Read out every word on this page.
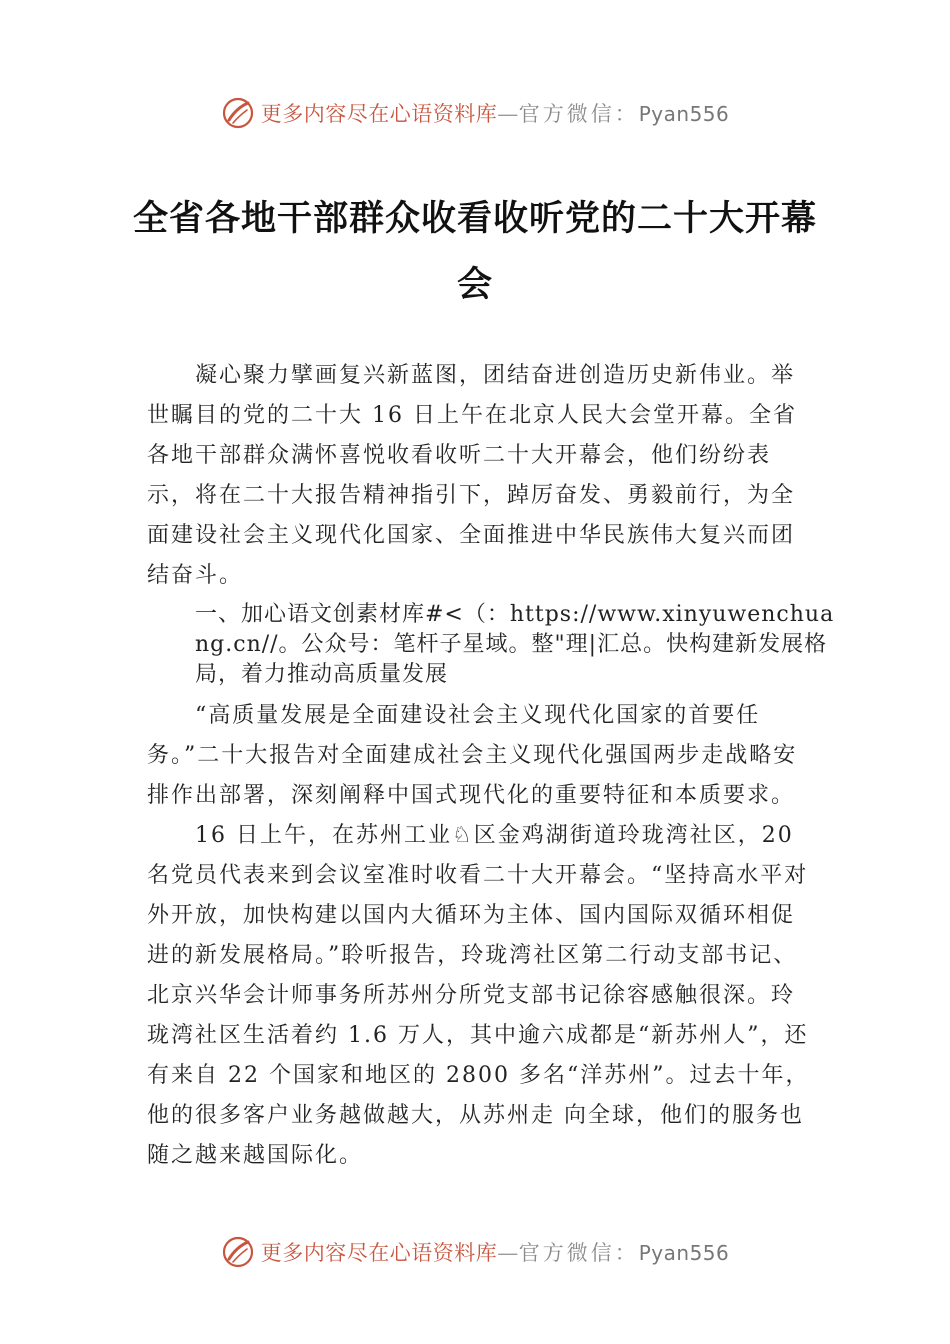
更多内容尽在心语资料库—官方微信：Pyan556
全省各地干部群众收看收听党的二十大开幕会

凝心聚力擘画复兴新蓝图，团结奋进创造历史新伟业。举世瞩目的党的二十大 16 日上午在北京人民大会堂开幕。全省各地干部群众满怀喜悦收看收听二十大开幕会，他们纷纷表示，将在二十大报告精神指引下，踔厉奋发、勇毅前行，为全面建设社会主义现代化国家、全面推进中华民族伟大复兴而团结奋斗。

一、加心语文创素材库#<（：https://www.xinyuwenchuang.cn//。公众号：笔杆子星域。整"理|汇总。快构建新发展格局，着力推动高质量发展

“高质量发展是全面建设社会主义现代化国家的首要任务。”二十大报告对全面建成社会主义现代化强国两步走战略安排作出部署，深刻阐释中国式现代化的重要特征和本质要求。

16 日上午，在苏州工业♘区金鸡湖街道玲珑湾社区，20 名党员代表来到会议室准时收看二十大开幕会。“坚持高水平对外开放，加快构建以国内大循环为主体、国内国际双循环相促进的新发展格局。”聆听报告，玲珑湾社区第二行动支部书记、北京兴华会计师事务所苏州分所党支部书记徐容感触很深。玲珑湾社区生活着约 1.6 万人，其中逾六成都是“新苏州人”，还有来自 22 个国家和地区的 2800 多名“洋苏州”。过去十年，他的很多客户业务越做越大，从苏州走 向全球，他们的服务也随之越来越国际化。

更多内容尽在心语资料库—官方微信：Pyan556
